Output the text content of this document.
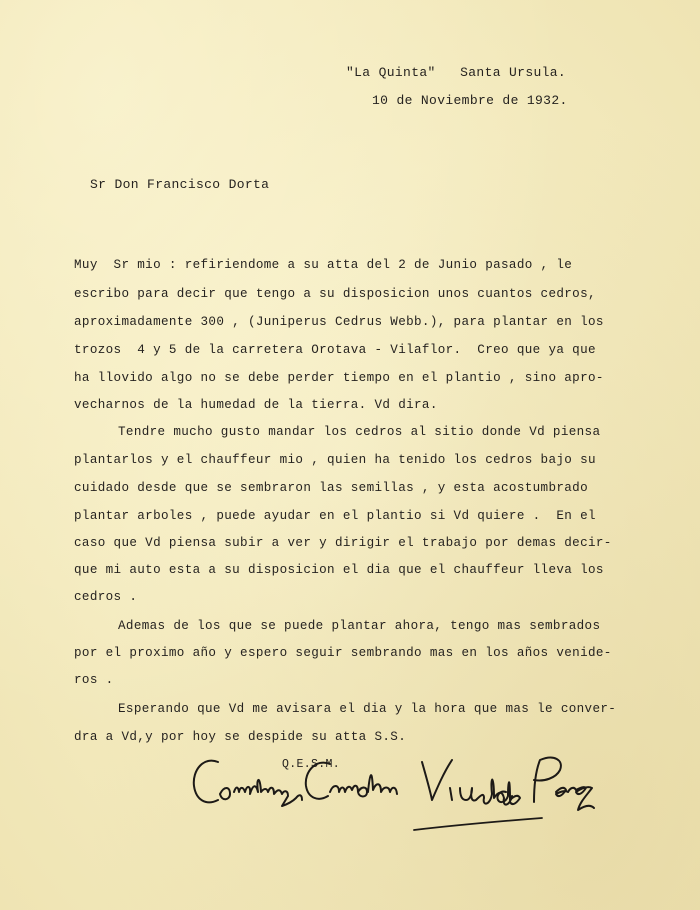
"La Quinta"   Santa Ursula.
10 de Noviembre de 1932.
Sr Don Francisco Dorta
Muy  Sr mio : refiriendome a su atta del 2 de Junio pasado , le
escribo para decir que tengo a su disposicion unos cuantos cedros,
aproximadamente 300 , (Juniperus Cedrus Webb.), para plantar en los
trozos  4 y 5 de la carretera Orotava - Vilaflor.  Creo que ya que
ha llovido algo no se debe perder tiempo en el plantio , sino apro-
vecharnos de la humedad de la tierra. Vd dira.
Tendre mucho gusto mandar los cedros al sitio donde Vd piensa
plantarlos y el chauffeur mio , quien ha tenido los cedros bajo su
cuidado desde que se sembraron las semillas , y esta acostumbrado
plantar arboles , puede ayudar en el plantio si Vd quiere .  En el
caso que Vd piensa subir a ver y dirigir el trabajo por demas decir-
que mi auto esta a su disposicion el dia que el chauffeur lleva los
cedros .
Ademas de los que se puede plantar ahora, tengo mas sembrados
por el proximo año y espero seguir sembrando mas en los años venide-
ros .
Esperando que Vd me avisara el dia y la hora que mas le conver-
dra a Vd,y por hoy se despide su atta S.S.
Q.E.S.M.
